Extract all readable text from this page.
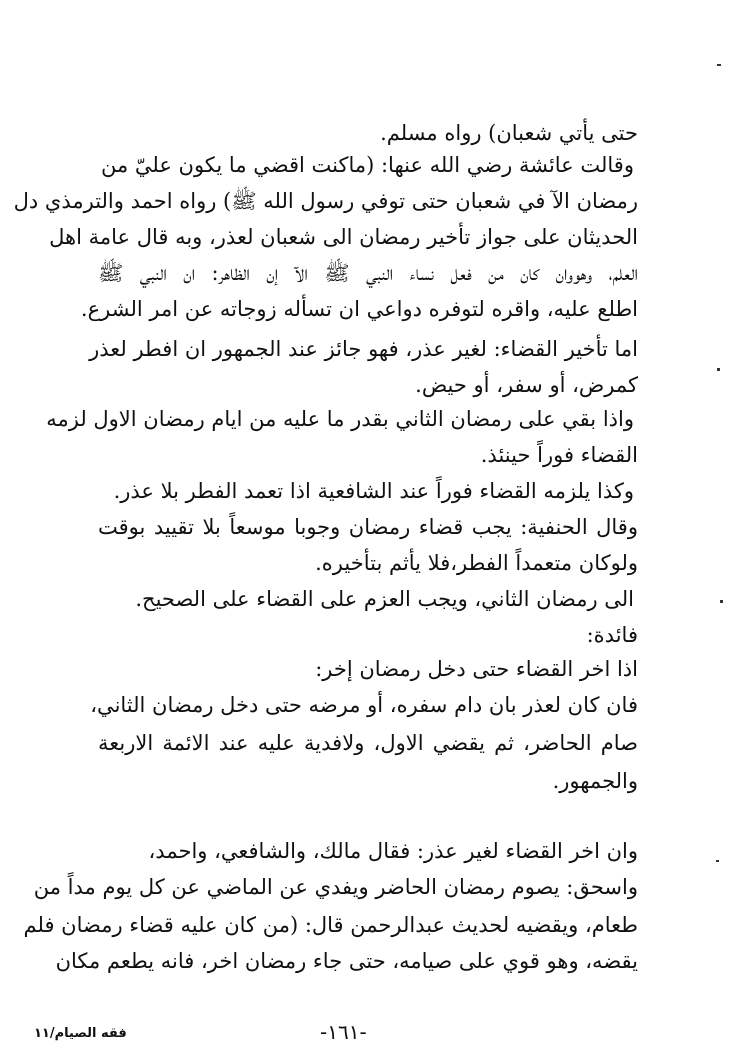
حتى يأتي شعبان) رواه مسلم.
وقالت عائشة رضي الله عنها: (ماكنت اقضي ما يكون عليّ من
رمضان الآ في شعبان حتى توفي رسول الله ﷺ) رواه احمد والترمذي دل
الحديثان على جواز تأخير رمضان الى شعبان لعذر، وبه قال عامة اهل
العلم، وهووان كان من فعل نساء النبي ﷺ الآ إن الظاهر: ان النبي ﷺ
اطلع عليه، واقره لتوفره دواعي ان تسأله زوجاته عن امر الشرع.
اما تأخير القضاء: لغير عذر، فهو جائز عند الجمهور ان افطر لعذر
كمرض، أو سفر، أو حيض.
واذا بقي على رمضان الثاني بقدر ما عليه من ايام رمضان الاول لزمه
القضاء فوراً حينئذ.
وكذا يلزمه القضاء فوراً عند الشافعية اذا تعمد الفطر بلا عذر.
وقال الحنفية: يجب قضاء رمضان وجوبا موسعاً بلا تقييد بوقت
ولوكان متعمداً الفطر،فلا يأثم بتأخيره.
الى رمضان الثاني، ويجب العزم على القضاء على الصحيح.
فائدة:
اذا اخر القضاء حتى دخل رمضان إخر:
فان كان لعذر بان دام سفره، أو مرضه حتى دخل رمضان الثاني،
صام الحاضر، ثم يقضي الاول، ولافدية عليه عند الائمة الاربعة
والجمهور.
وان اخر القضاء لغير عذر: فقال مالك، والشافعي، واحمد،
واسحق: يصوم رمضان الحاضر ويفدي عن الماضي عن كل يوم مداً من
طعام، ويقضيه لحديث عبدالرحمن قال: (من كان عليه قضاء رمضان فلم
يقضه، وهو قوي على صيامه، حتى جاء رمضان اخر، فانه يطعم مكان
-١٦١-
فقه الصيام/١١
